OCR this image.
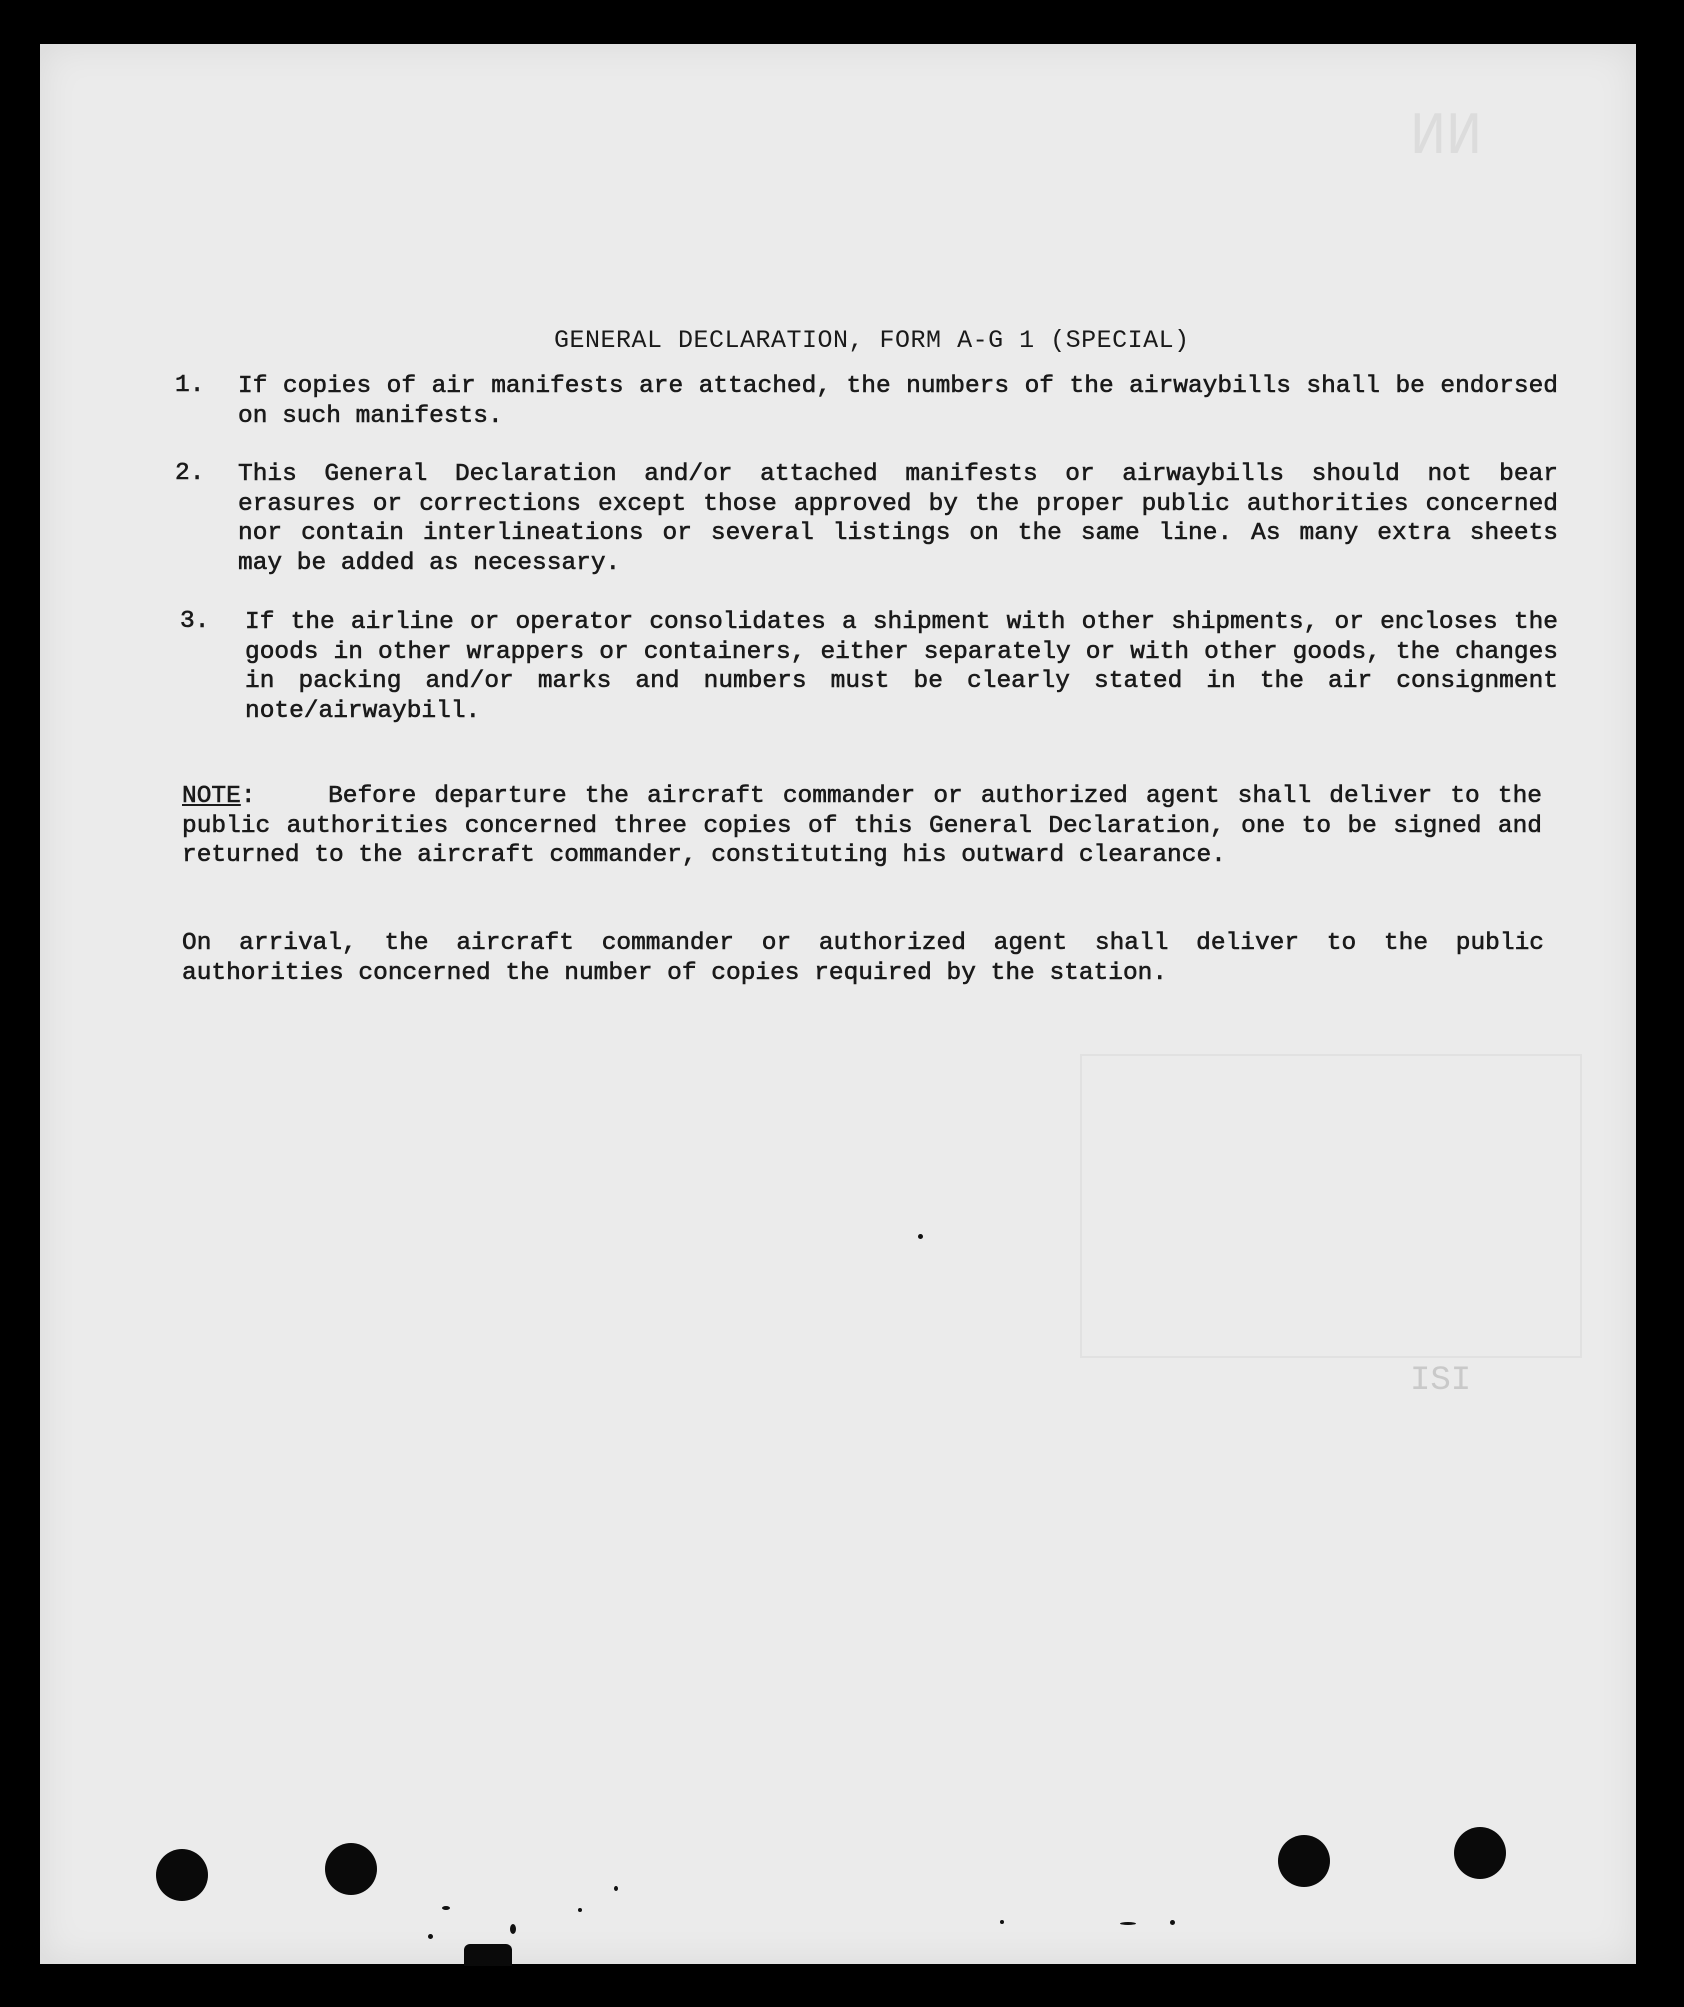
ИИ
ISI
GENERAL DECLARATION, FORM A-G 1 (SPECIAL)
1. If copies of air manifests are attached, the numbers of the airwaybills shall be endorsed on such manifests.
2. This General Declaration and/or attached manifests or airwaybills should not bear erasures or corrections except those approved by the proper public authorities concerned nor contain interlineations or several listings on the same line. As many extra sheets may be added as necessary.
3. If the airline or operator consolidates a shipment with other shipments, or encloses the goods in other wrappers or containers, either separately or with other goods, the changes in packing and/or marks and numbers must be clearly stated in the air consignment note/airwaybill.
NOTE:    Before departure the aircraft commander or authorized agent shall deliver to the public authorities concerned three copies of this General Declaration, one to be signed and returned to the aircraft commander, constituting his outward clearance.
On arrival, the aircraft commander or authorized agent shall deliver to the public authorities concerned the number of copies required by the station.
